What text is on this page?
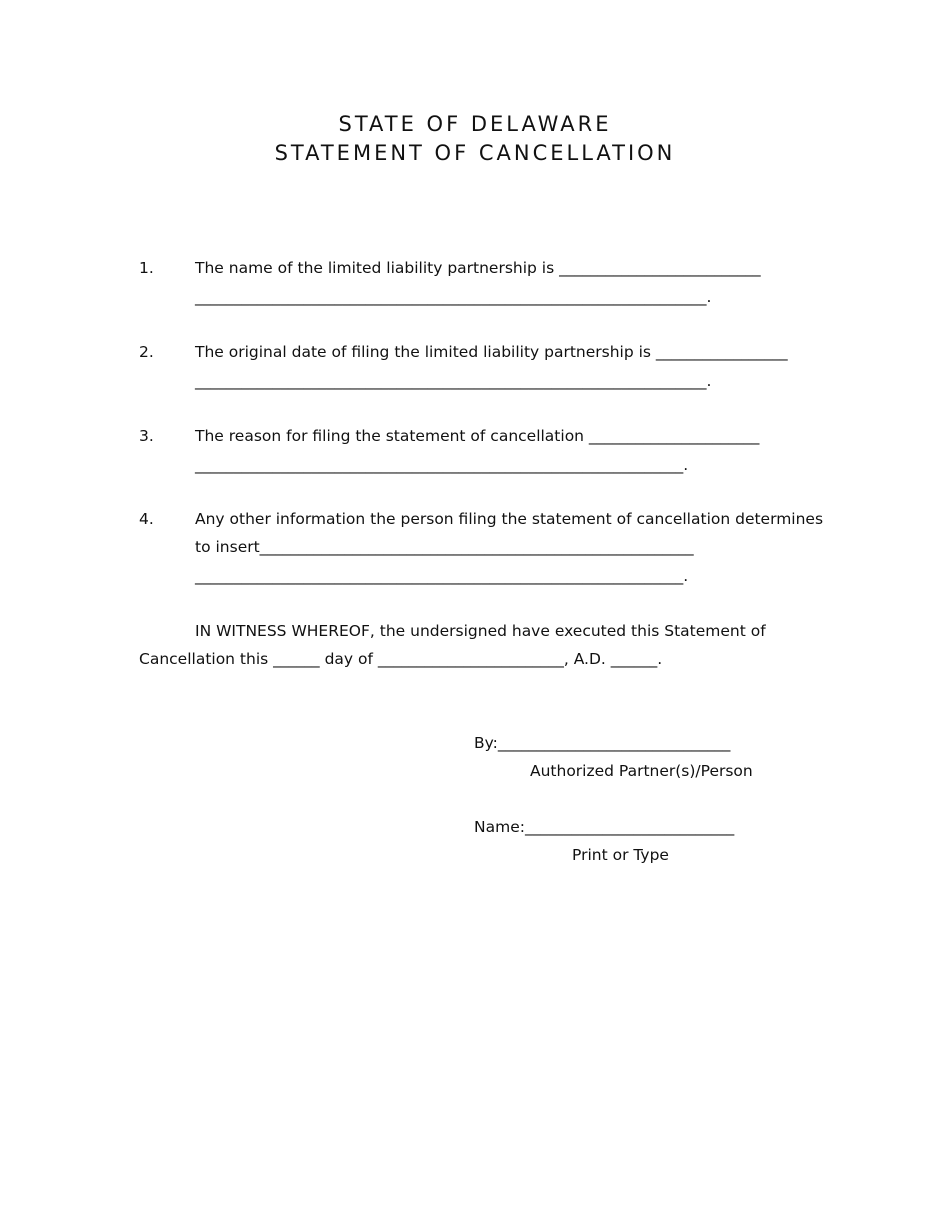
STATE OF DELAWARE
STATEMENT OF CANCELLATION
1.	The name of the limited liability partnership is __________________________
__________________________________________________________________.
2.	The original date of filing the limited liability partnership is _________________
__________________________________________________________________.
3.	The reason for filing the statement of cancellation ______________________
_______________________________________________________________.
4.	Any other information the person filing the statement of cancellation determines
to insert________________________________________________________
_______________________________________________________________.
IN WITNESS WHEREOF, the undersigned have executed this Statement of
Cancellation this ______ day of ________________________, A.D. ______.
By:______________________________
Authorized Partner(s)/Person
Name:___________________________
Print or Type
